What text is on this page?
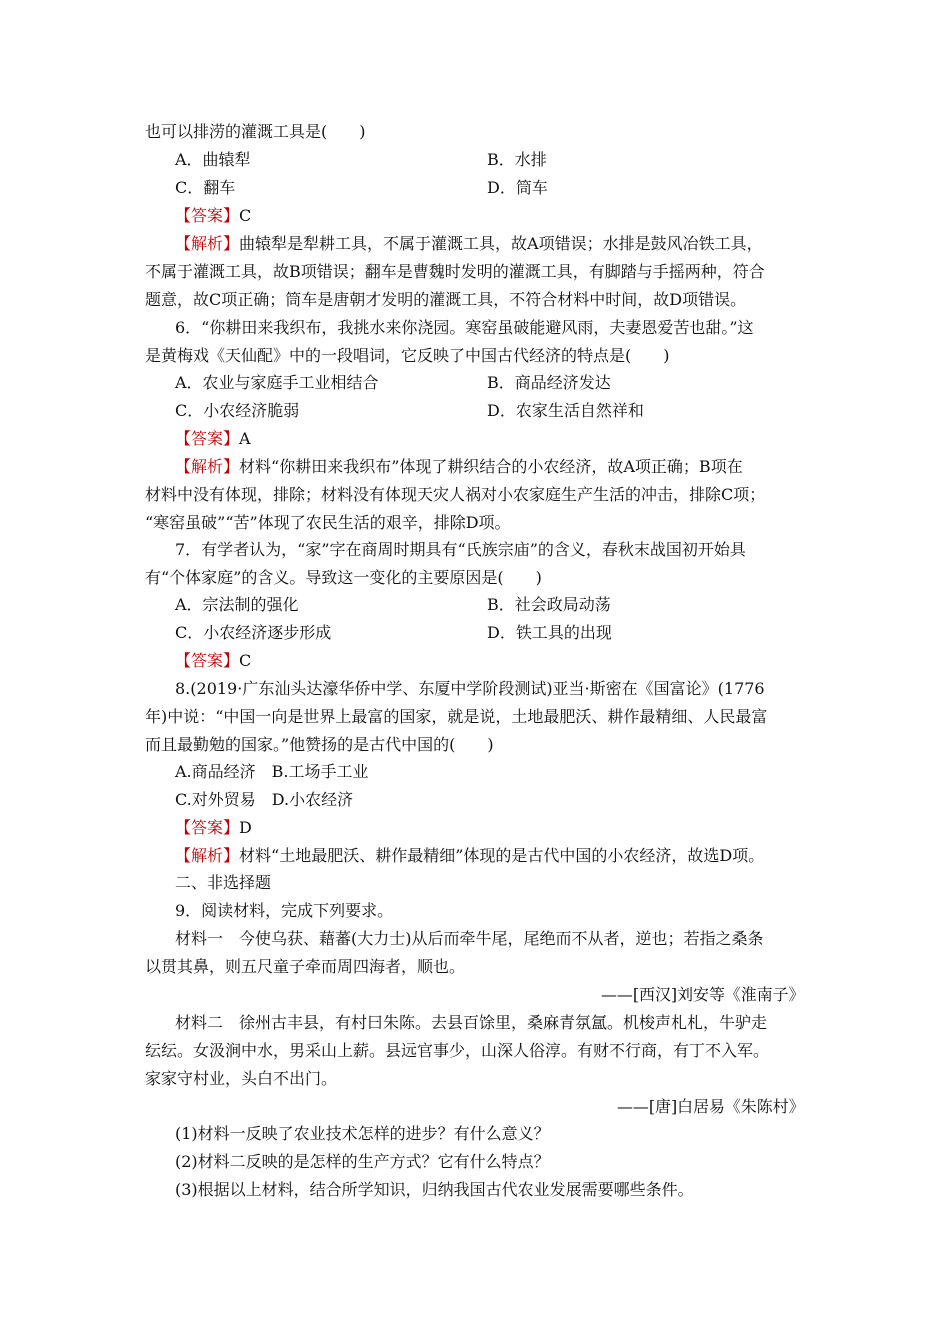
也可以排涝的灌溉工具是(　　)
A．曲辕犁	B．水排
C．翻车	D．筒车
【答案】C
【解析】曲辕犁是犁耕工具，不属于灌溉工具，故A项错误；水排是鼓风冶铁工具，
不属于灌溉工具，故B项错误；翻车是曹魏时发明的灌溉工具，有脚踏与手摇两种，符合
题意，故C项正确；筒车是唐朝才发明的灌溉工具，不符合材料中时间，故D项错误。
6．“你耕田来我织布，我挑水来你浇园。寒窑虽破能避风雨，夫妻恩爱苦也甜。”这
是黄梅戏《天仙配》中的一段唱词，它反映了中国古代经济的特点是(　　)
A．农业与家庭手工业相结合	B．商品经济发达
C．小农经济脆弱	D．农家生活自然祥和
【答案】A
【解析】材料“你耕田来我织布”体现了耕织结合的小农经济，故A项正确；B项在
材料中没有体现，排除；材料没有体现天灾人祸对小农家庭生产生活的冲击，排除C项；
“寒窑虽破”“苦”体现了农民生活的艰辛，排除D项。
7．有学者认为，“家”字在商周时期具有“氏族宗庙”的含义，春秋末战国初开始具
有“个体家庭”的含义。导致这一变化的主要原因是(　　)
A．宗法制的强化	B．社会政局动荡
C．小农经济逐步形成	D．铁工具的出现
【答案】C
8.(2019·广东汕头达濠华侨中学、东厦中学阶段测试)亚当·斯密在《国富论》(1776
年)中说：“中国一向是世界上最富的国家，就是说，土地最肥沃、耕作最精细、人民最富
而且最勤勉的国家。”他赞扬的是古代中国的(　　)
A.商品经济　B.工场手工业
C.对外贸易　D.小农经济
【答案】D
【解析】材料“土地最肥沃、耕作最精细”体现的是古代中国的小农经济，故选D项。
二、非选择题
9．阅读材料，完成下列要求。
材料一　今使乌获、藉蕃(大力士)从后而牵牛尾，尾绝而不从者，逆也；若指之桑条
以贯其鼻，则五尺童子牵而周四海者，顺也。
——[西汉]刘安等《淮南子》
材料二　徐州古丰县，有村曰朱陈。去县百馀里，桑麻青氛氲。机梭声札札，牛驴走
纭纭。女汲涧中水，男采山上薪。县远官事少，山深人俗淳。有财不行商，有丁不入军。
家家守村业，头白不出门。
——[唐]白居易《朱陈村》
(1)材料一反映了农业技术怎样的进步？有什么意义？
(2)材料二反映的是怎样的生产方式？它有什么特点？
(3)根据以上材料，结合所学知识，归纳我国古代农业发展需要哪些条件。
